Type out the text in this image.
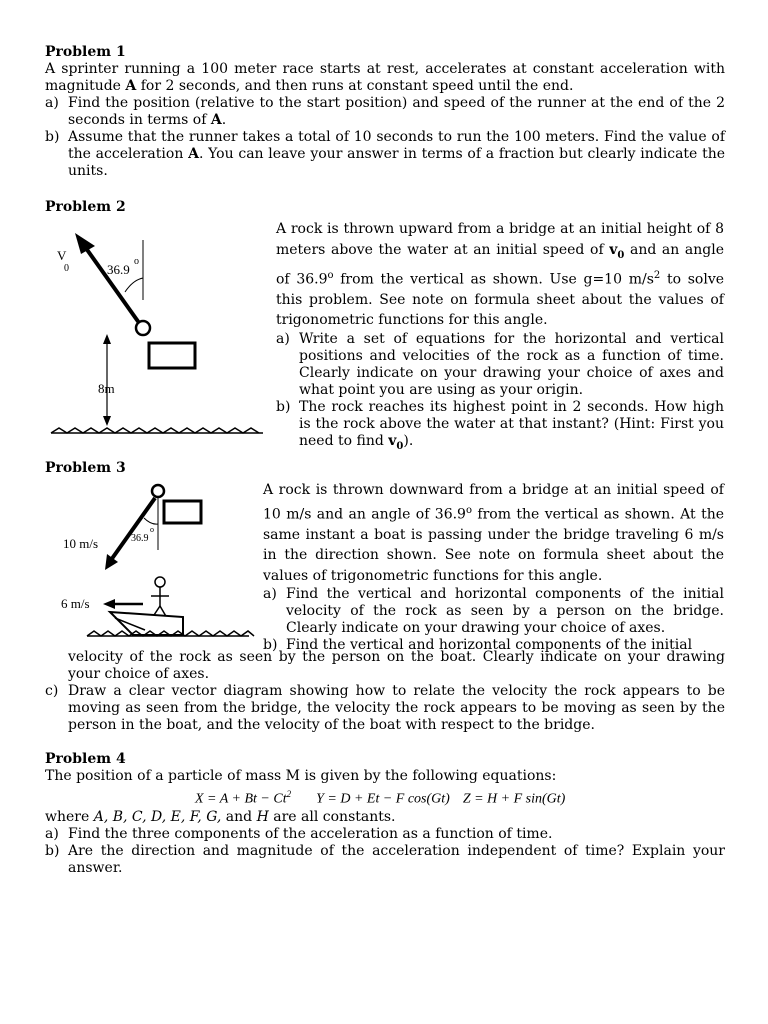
Problem 1
A sprinter running a 100 meter race starts at rest, accelerates at constant acceleration with magnitude A for 2 seconds, and then runs at constant speed until the end.
a) Find the position (relative to the start position) and speed of the runner at the end of the 2 seconds in terms of A.
b) Assume that the runner takes a total of 10 seconds to run the 100 meters. Find the value of the acceleration A. You can leave your answer in terms of a fraction but clearly indicate the units.
Problem 2
8m
V
0	36.9
o
A rock is thrown upward from a bridge at an initial height of 8 meters above the water at an initial speed of $v_0$ and an angle of 36.9$^o$ from the vertical as shown. Use g=10 $m/s^2$ to solve this problem. See note on formula sheet about the values of trigonometric functions for this angle.
a) Write a set of equations for the horizontal and vertical positions and velocities of the rock as a function of time. Clearly indicate on your drawing your choice of axes and what point you are using as your origin.
b) The rock reaches its highest point in 2 seconds. How high is the rock above the water at that instant? (Hint: First you need to find $v_0$).
Problem 3
10 m/s	36.9
o
6 m/s
A rock is thrown downward from a bridge at an initial speed of 10 m/s and an angle of 36.9$^o$ from the vertical as shown. At the same instant a boat is passing under the bridge traveling 6 m/s in the direction shown. See note on formula sheet about the values of trigonometric functions for this angle.
a) Find the vertical and horizontal components of the initial velocity of the rock as seen by a person on the bridge. Clearly indicate on your drawing your choice of axes.
b) Find the vertical and horizontal components of the initial
velocity of the rock as seen by the person on the boat. Clearly indicate on your drawing your choice of axes.
c) Draw a clear vector diagram showing how to relate the velocity the rock appears to be moving as seen from the bridge, the velocity the rock appears to be moving as seen by the person in the boat, and the velocity of the boat with respect to the bridge.
Problem 4
The position of a particle of mass M is given by the following equations:
$X = A + Bt - Ct^2$ Y = D + Et − F cos(Gt) Z = H + F sin(Gt)
where A, B, C, D, E, F, G, and H are all constants.
a) Find the three components of the acceleration as a function of time.
b) Are the direction and magnitude of the acceleration independent of time? Explain your answer.
